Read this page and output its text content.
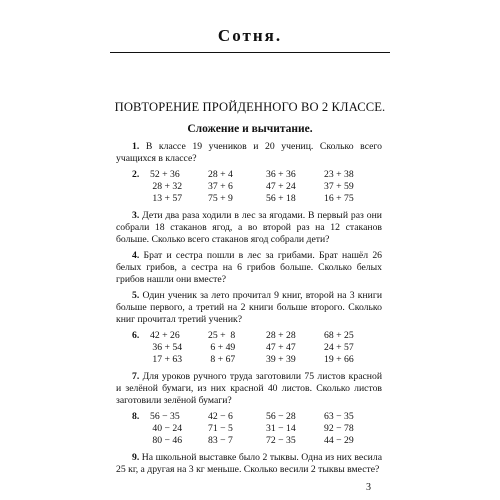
Сотня.
ПОВТОРЕНИЕ ПРОЙДЕННОГО ВО 2 КЛАССЕ.
Сложение и вычитание.

1. В классе 19 учеников и 20 учениц. Сколько всего учащихся в классе?

2. 52 + 36	28 + 4	36 + 36	23 + 38
28 + 32	37 + 6	47 + 24	37 + 59
13 + 57	75 + 9	56 + 18	16 + 75

3. Дети два раза ходили в лес за ягодами. В первый раз они собрали 18 стаканов ягод, а во второй раз на 12 стаканов больше. Сколько всего стаканов ягод собрали дети?

4. Брат и сестра пошли в лес за грибами. Брат нашёл 26 белых грибов, а сестра на 6 грибов больше. Сколько белых грибов нашли они вместе?

5. Один ученик за лето прочитал 9 книг, второй на 3 книги больше первого, а третий на 2 книги больше второго. Сколько книг прочитал третий ученик?

6. 42 + 26	25 +  8	28 + 28	68 + 25
36 + 54	6 + 49	47 + 47	24 + 57
17 + 63	8 + 67	39 + 39	19 + 66

7. Для уроков ручного труда заготовили 75 листов красной и зелёной бумаги, из них красной 40 листов. Сколько листов заготовили зелёной бумаги?

8. 56 − 35	42 − 6	56 − 28	63 − 35
40 − 24	71 − 5	31 − 14	92 − 78
80 − 46	83 − 7	72 − 35	44 − 29

9. На школьной выставке было 2 тыквы. Одна из них весила 25 кг, а другая на 3 кг меньше. Сколько весили 2 тыквы вместе?

3
